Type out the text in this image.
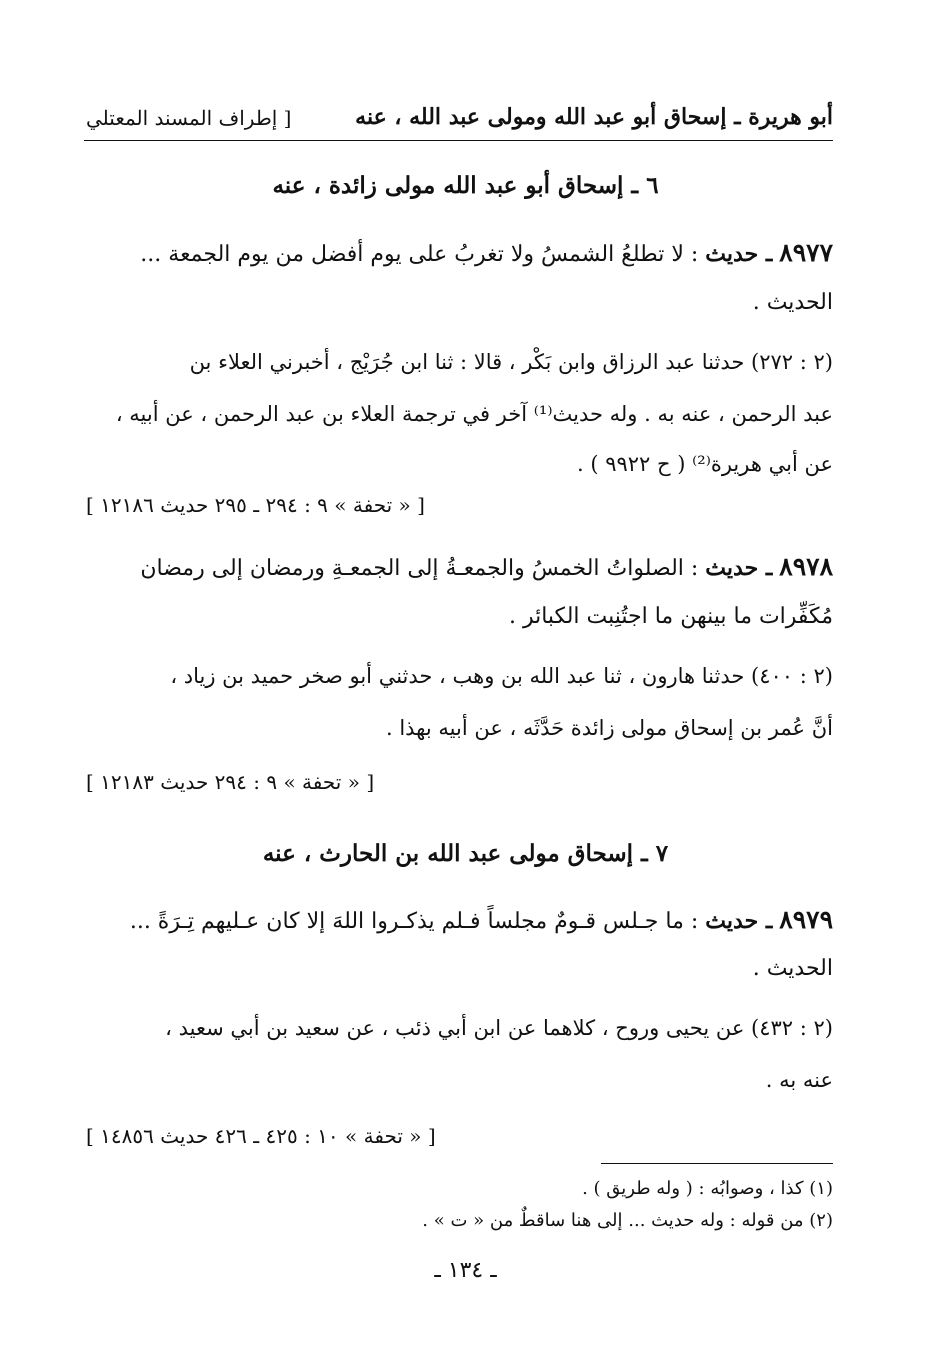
أبو هريرة ـ إسحاق أبو عبد الله ومولى عبد الله ، عنه
[ إطراف المسند المعتلي
٦ ـ إسحاق أبو عبد الله مولى زائدة ، عنه
٨٩٧٧ ـ حديث : لا تطلعُ الشمسُ ولا تغربُ على يوم أفضل من يوم الجمعة ...
الحديث .
(٢ : ٢٧٢) حدثنا عبد الرزاق وابن بَكْر ، قالا : ثنا ابن جُرَيْج ، أخبرني العلاء بن
عبد الرحمن ، عنه به . وله حديث⁽¹⁾ آخر في ترجمة العلاء بن عبد الرحمن ، عن أبيه ،
عن أبي هريرة⁽²⁾ ( ح ٩٩٢٢ ) .
[ « تحفة » ٩ : ٢٩٤ ـ ٢٩٥ حديث ١٢١٨٦ ]
٨٩٧٨ ـ حديث : الصلواتُ الخمسُ والجمعـةُ إلى الجمعـةِ ورمضان إلى رمضان
مُكَفِّرات ما بينهن ما اجتُنِبت الكبائر .
(٢ : ٤٠٠) حدثنا هارون ، ثنا عبد الله بن وهب ، حدثني أبو صخر حميد بن زياد ،
أنَّ عُمر بن إسحاق مولى زائدة حَدَّثَه ، عن أبيه بهذا .
[ « تحفة » ٩ : ٢٩٤ حديث ١٢١٨٣ ]
٧ ـ إسحاق مولى عبد الله بن الحارث ، عنه
٨٩٧٩ ـ حديث : ما جـلس قـومٌ مجلساً فـلم يذكـروا اللهَ إلا كان عـليهم تِـرَةً ...
الحديث .
(٢ : ٤٣٢) عن يحيى وروح ، كلاهما عن ابن أبي ذئب ، عن سعيد بن أبي سعيد ،
عنه به .
[ « تحفة » ١٠ : ٤٢٥ ـ ٤٢٦ حديث ١٤٨٥٦ ]
(١) كذا ، وصوابُه : ( وله طريق ) .
(٢) من قوله : وله حديث ... إلى هنا ساقطٌ من « ت » .
ـ ١٣٤ ـ
